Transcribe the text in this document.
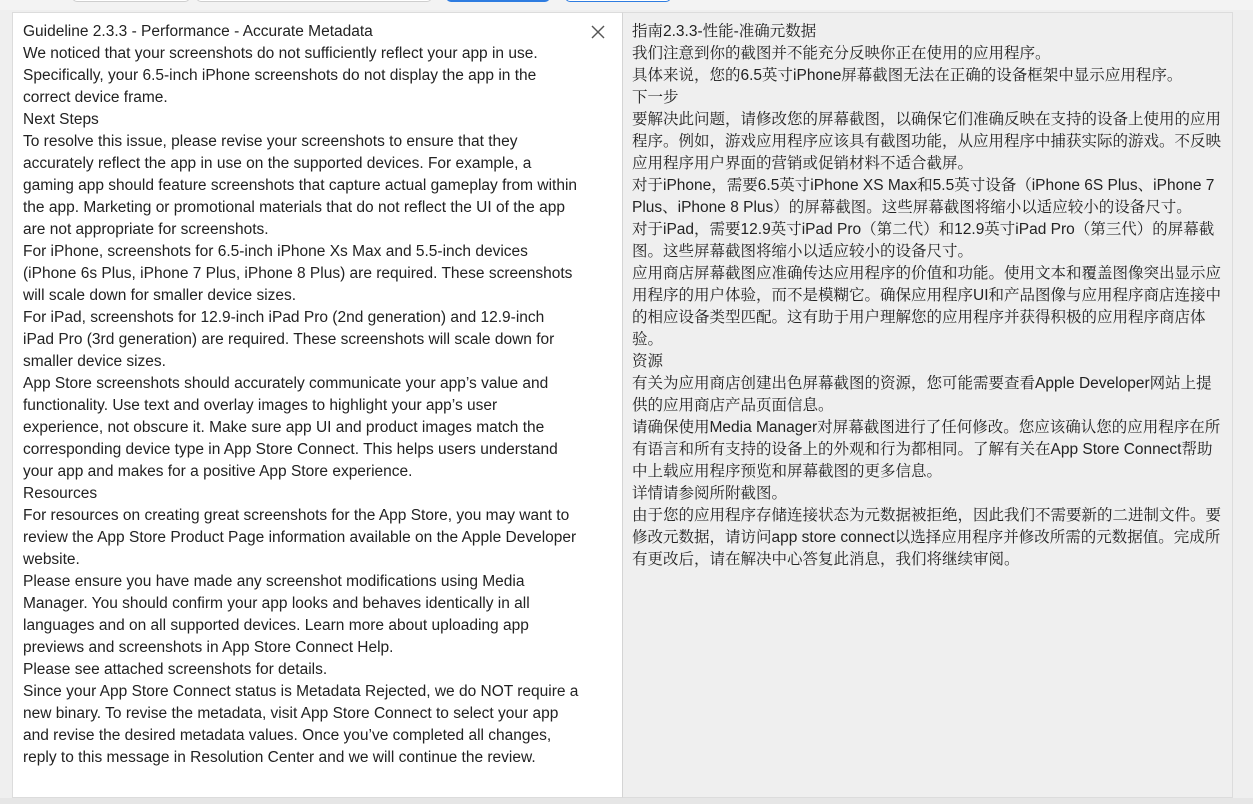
Guideline 2.3.3 - Performance - Accurate Metadata
We noticed that your screenshots do not sufficiently reflect your app in use. Specifically, your 6.5-inch iPhone screenshots do not display the app in the correct device frame.
Next Steps
To resolve this issue, please revise your screenshots to ensure that they accurately reflect the app in use on the supported devices. For example, a gaming app should feature screenshots that capture actual gameplay from within the app. Marketing or promotional materials that do not reflect the UI of the app are not appropriate for screenshots.
For iPhone, screenshots for 6.5-inch iPhone Xs Max and 5.5-inch devices (iPhone 6s Plus, iPhone 7 Plus, iPhone 8 Plus) are required. These screenshots will scale down for smaller device sizes.
For iPad, screenshots for 12.9-inch iPad Pro (2nd generation) and 12.9-inch iPad Pro (3rd generation) are required. These screenshots will scale down for smaller device sizes.
App Store screenshots should accurately communicate your app’s value and functionality. Use text and overlay images to highlight your app’s user experience, not obscure it. Make sure app UI and product images match the corresponding device type in App Store Connect. This helps users understand your app and makes for a positive App Store experience.
Resources
For resources on creating great screenshots for the App Store, you may want to review the App Store Product Page information available on the Apple Developer website.
Please ensure you have made any screenshot modifications using Media Manager. You should confirm your app looks and behaves identically in all languages and on all supported devices. Learn more about uploading app previews and screenshots in App Store Connect Help.
Please see attached screenshots for details.
Since your App Store Connect status is Metadata Rejected, we do NOT require a new binary. To revise the metadata, visit App Store Connect to select your app and revise the desired metadata values. Once you’ve completed all changes, reply to this message in Resolution Center and we will continue the review.
指南2.3.3-性能-准确元数据
我们注意到你的截图并不能充分反映你正在使用的应用程序。
具体来说，您的6.5英寸iPhone屏幕截图无法在正确的设备框架中显示应用程序。
下一步
要解决此问题，请修改您的屏幕截图，以确保它们准确反映在支持的设备上使用的应用程序。例如，游戏应用程序应该具有截图功能，从应用程序中捕获实际的游戏。不反映应用程序用户界面的营销或促销材料不适合截屏。
对于iPhone，需要6.5英寸iPhone XS Max和5.5英寸设备（iPhone 6S Plus、iPhone 7 Plus、iPhone 8 Plus）的屏幕截图。这些屏幕截图将缩小以适应较小的设备尺寸。
对于iPad，需要12.9英寸iPad Pro（第二代）和12.9英寸iPad Pro（第三代）的屏幕截图。这些屏幕截图将缩小以适应较小的设备尺寸。
应用商店屏幕截图应准确传达应用程序的价值和功能。使用文本和覆盖图像突出显示应用程序的用户体验，而不是模糊它。确保应用程序UI和产品图像与应用程序商店连接中的相应设备类型匹配。这有助于用户理解您的应用程序并获得积极的应用程序商店体验。
资源
有关为应用商店创建出色屏幕截图的资源，您可能需要查看Apple Developer网站上提供的应用商店产品页面信息。
请确保使用Media Manager对屏幕截图进行了任何修改。您应该确认您的应用程序在所有语言和所有支持的设备上的外观和行为都相同。了解有关在App Store Connect帮助中上载应用程序预览和屏幕截图的更多信息。
详情请参阅所附截图。
由于您的应用程序存储连接状态为元数据被拒绝，因此我们不需要新的二进制文件。要修改元数据，请访问app store connect以选择应用程序并修改所需的元数据值。完成所有更改后，请在解决中心答复此消息，我们将继续审阅。
